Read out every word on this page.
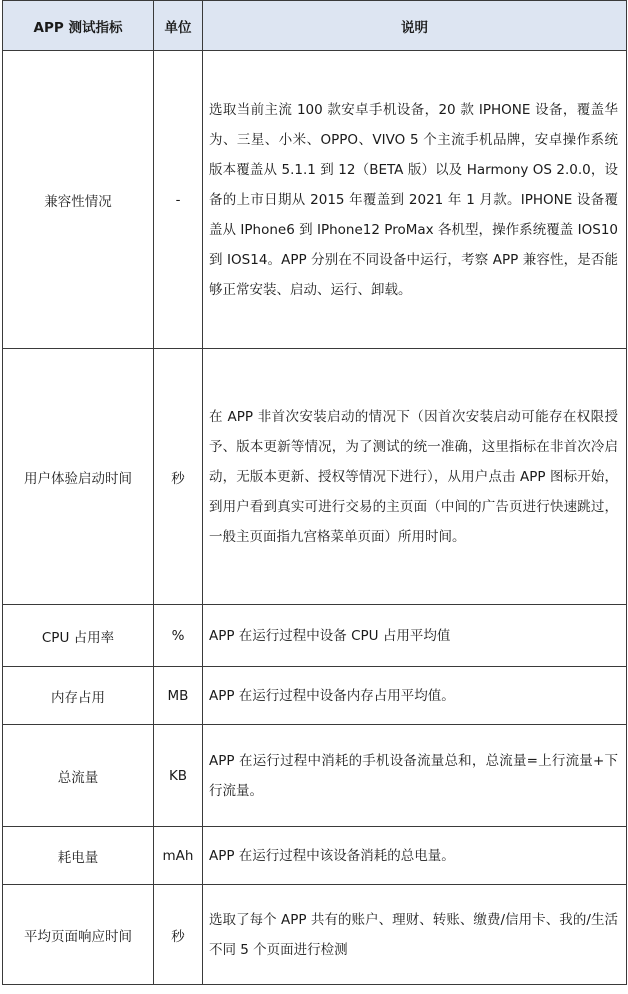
APP 测试指标	单位	说明
兼容性情况	-	选取当前主流 100 款安卓手机设备，20 款 IPHONE 设备，覆盖华为、三星、小米、OPPO、VIVO 5 个主流手机品牌，安卓操作系统版本覆盖从 5.1.1 到 12（BETA 版）以及 Harmony OS 2.0.0，设备的上市日期从 2015 年覆盖到 2021 年 1 月款。IPHONE 设备覆盖从 IPhone6 到 IPhone12 ProMax 各机型，操作系统覆盖 IOS10 到 IOS14。APP 分别在不同设备中运行，考察 APP 兼容性，是否能够正常安装、启动、运行、卸载。
用户体验启动时间	秒	在 APP 非首次安装启动的情况下（因首次安装启动可能存在权限授予、版本更新等情况，为了测试的统一准确，这里指标在非首次冷启动，无版本更新、授权等情况下进行），从用户点击 APP 图标开始，到用户看到真实可进行交易的主页面（中间的广告页进行快速跳过，一般主页面指九宫格菜单页面）所用时间。
CPU 占用率	%	APP 在运行过程中设备 CPU 占用平均值
内存占用	MB	APP 在运行过程中设备内存占用平均值。
总流量	KB	APP 在运行过程中消耗的手机设备流量总和，总流量=上行流量+下行流量。
耗电量	mAh	APP 在运行过程中该设备消耗的总电量。
平均页面响应时间	秒	选取了每个 APP 共有的账户、理财、转账、缴费/信用卡、我的/生活不同 5 个页面进行检测
